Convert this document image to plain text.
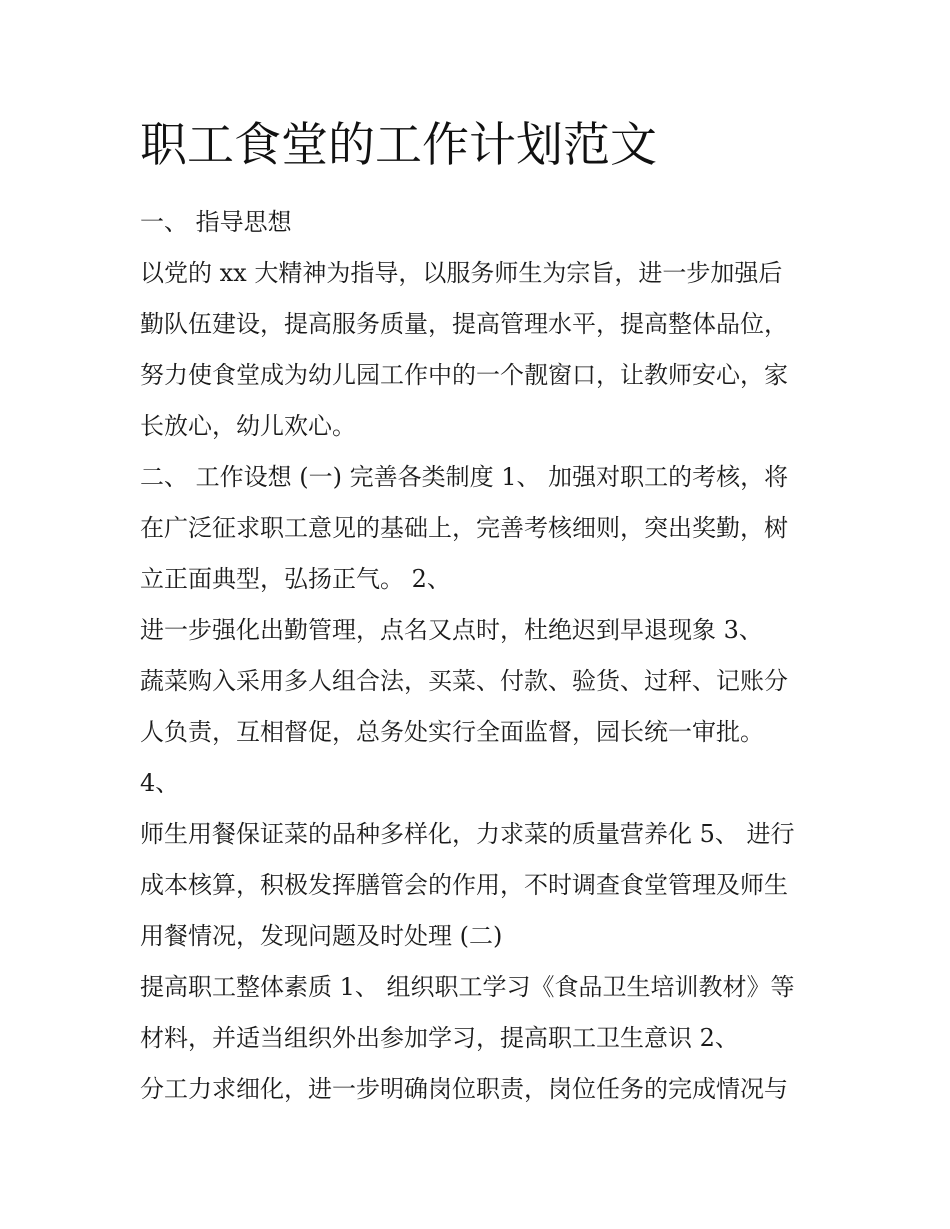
职工食堂的工作计划范文

一、 指导思想

以党的 xx 大精神为指导，以服务师生为宗旨，进一步加强后

勤队伍建设，提高服务质量，提高管理水平，提高整体品位，

努力使食堂成为幼儿园工作中的一个靓窗口，让教师安心，家

长放心，幼儿欢心。

二、 工作设想 (一) 完善各类制度 1、 加强对职工的考核，将

在广泛征求职工意见的基础上，完善考核细则，突出奖勤，树

立正面典型，弘扬正气。 2、

进一步强化出勤管理，点名又点时，杜绝迟到早退现象 3、

蔬菜购入采用多人组合法，买菜、付款、验货、过秤、记账分

人负责，互相督促，总务处实行全面监督，园长统一审批。

4、

师生用餐保证菜的品种多样化，力求菜的质量营养化 5、 进行

成本核算，积极发挥膳管会的作用，不时调查食堂管理及师生

用餐情况，发现问题及时处理 (二)

提高职工整体素质 1、 组织职工学习《食品卫生培训教材》等

材料，并适当组织外出参加学习，提高职工卫生意识 2、

分工力求细化，进一步明确岗位职责，岗位任务的完成情况与
